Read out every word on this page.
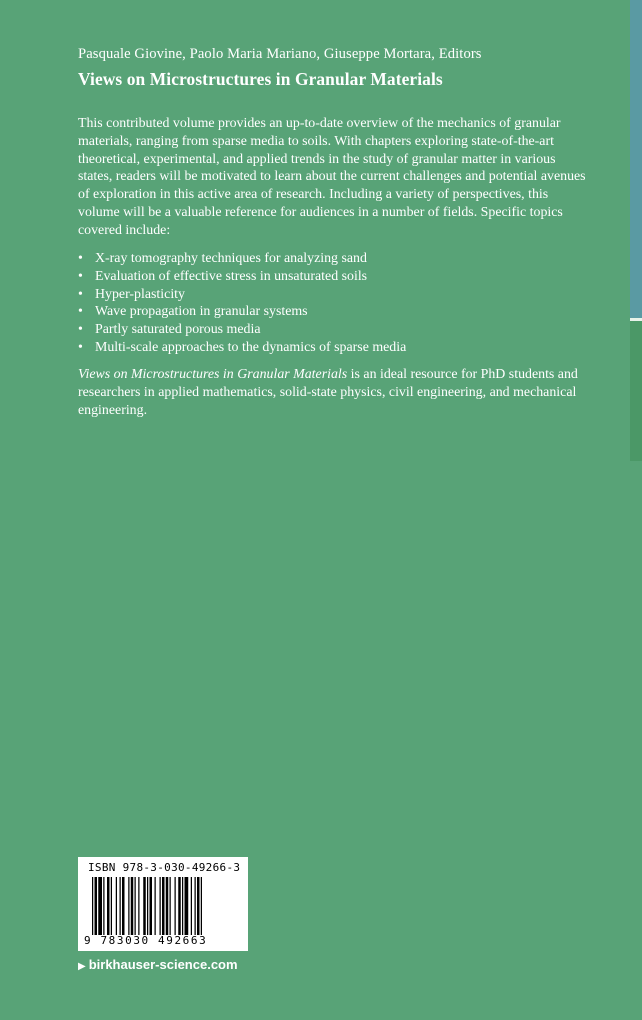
Pasquale Giovine, Paolo Maria Mariano, Giuseppe Mortara, Editors
Views on Microstructures in Granular Materials

This contributed volume provides an up-to-date overview of the mechanics of granular materials, ranging from sparse media to soils. With chapters exploring state-of-the-art theoretical, experimental, and applied trends in the study of granular matter in various states, readers will be motivated to learn about the current challenges and potential avenues of exploration in this active area of research. Including a variety of perspectives, this volume will be a valuable reference for audiences in a number of fields. Specific topics covered include:

• X-ray tomography techniques for analyzing sand
• Evaluation of effective stress in unsaturated soils
• Hyper-plasticity
• Wave propagation in granular systems
• Partly saturated porous media
• Multi-scale approaches to the dynamics of sparse media

Views on Microstructures in Granular Materials is an ideal resource for PhD students and researchers in applied mathematics, solid-state physics, civil engineering, and mechanical engineering.

ISBN 978-3-030-49266-3
9 783030 492663
▶ birkhauser-science.com
